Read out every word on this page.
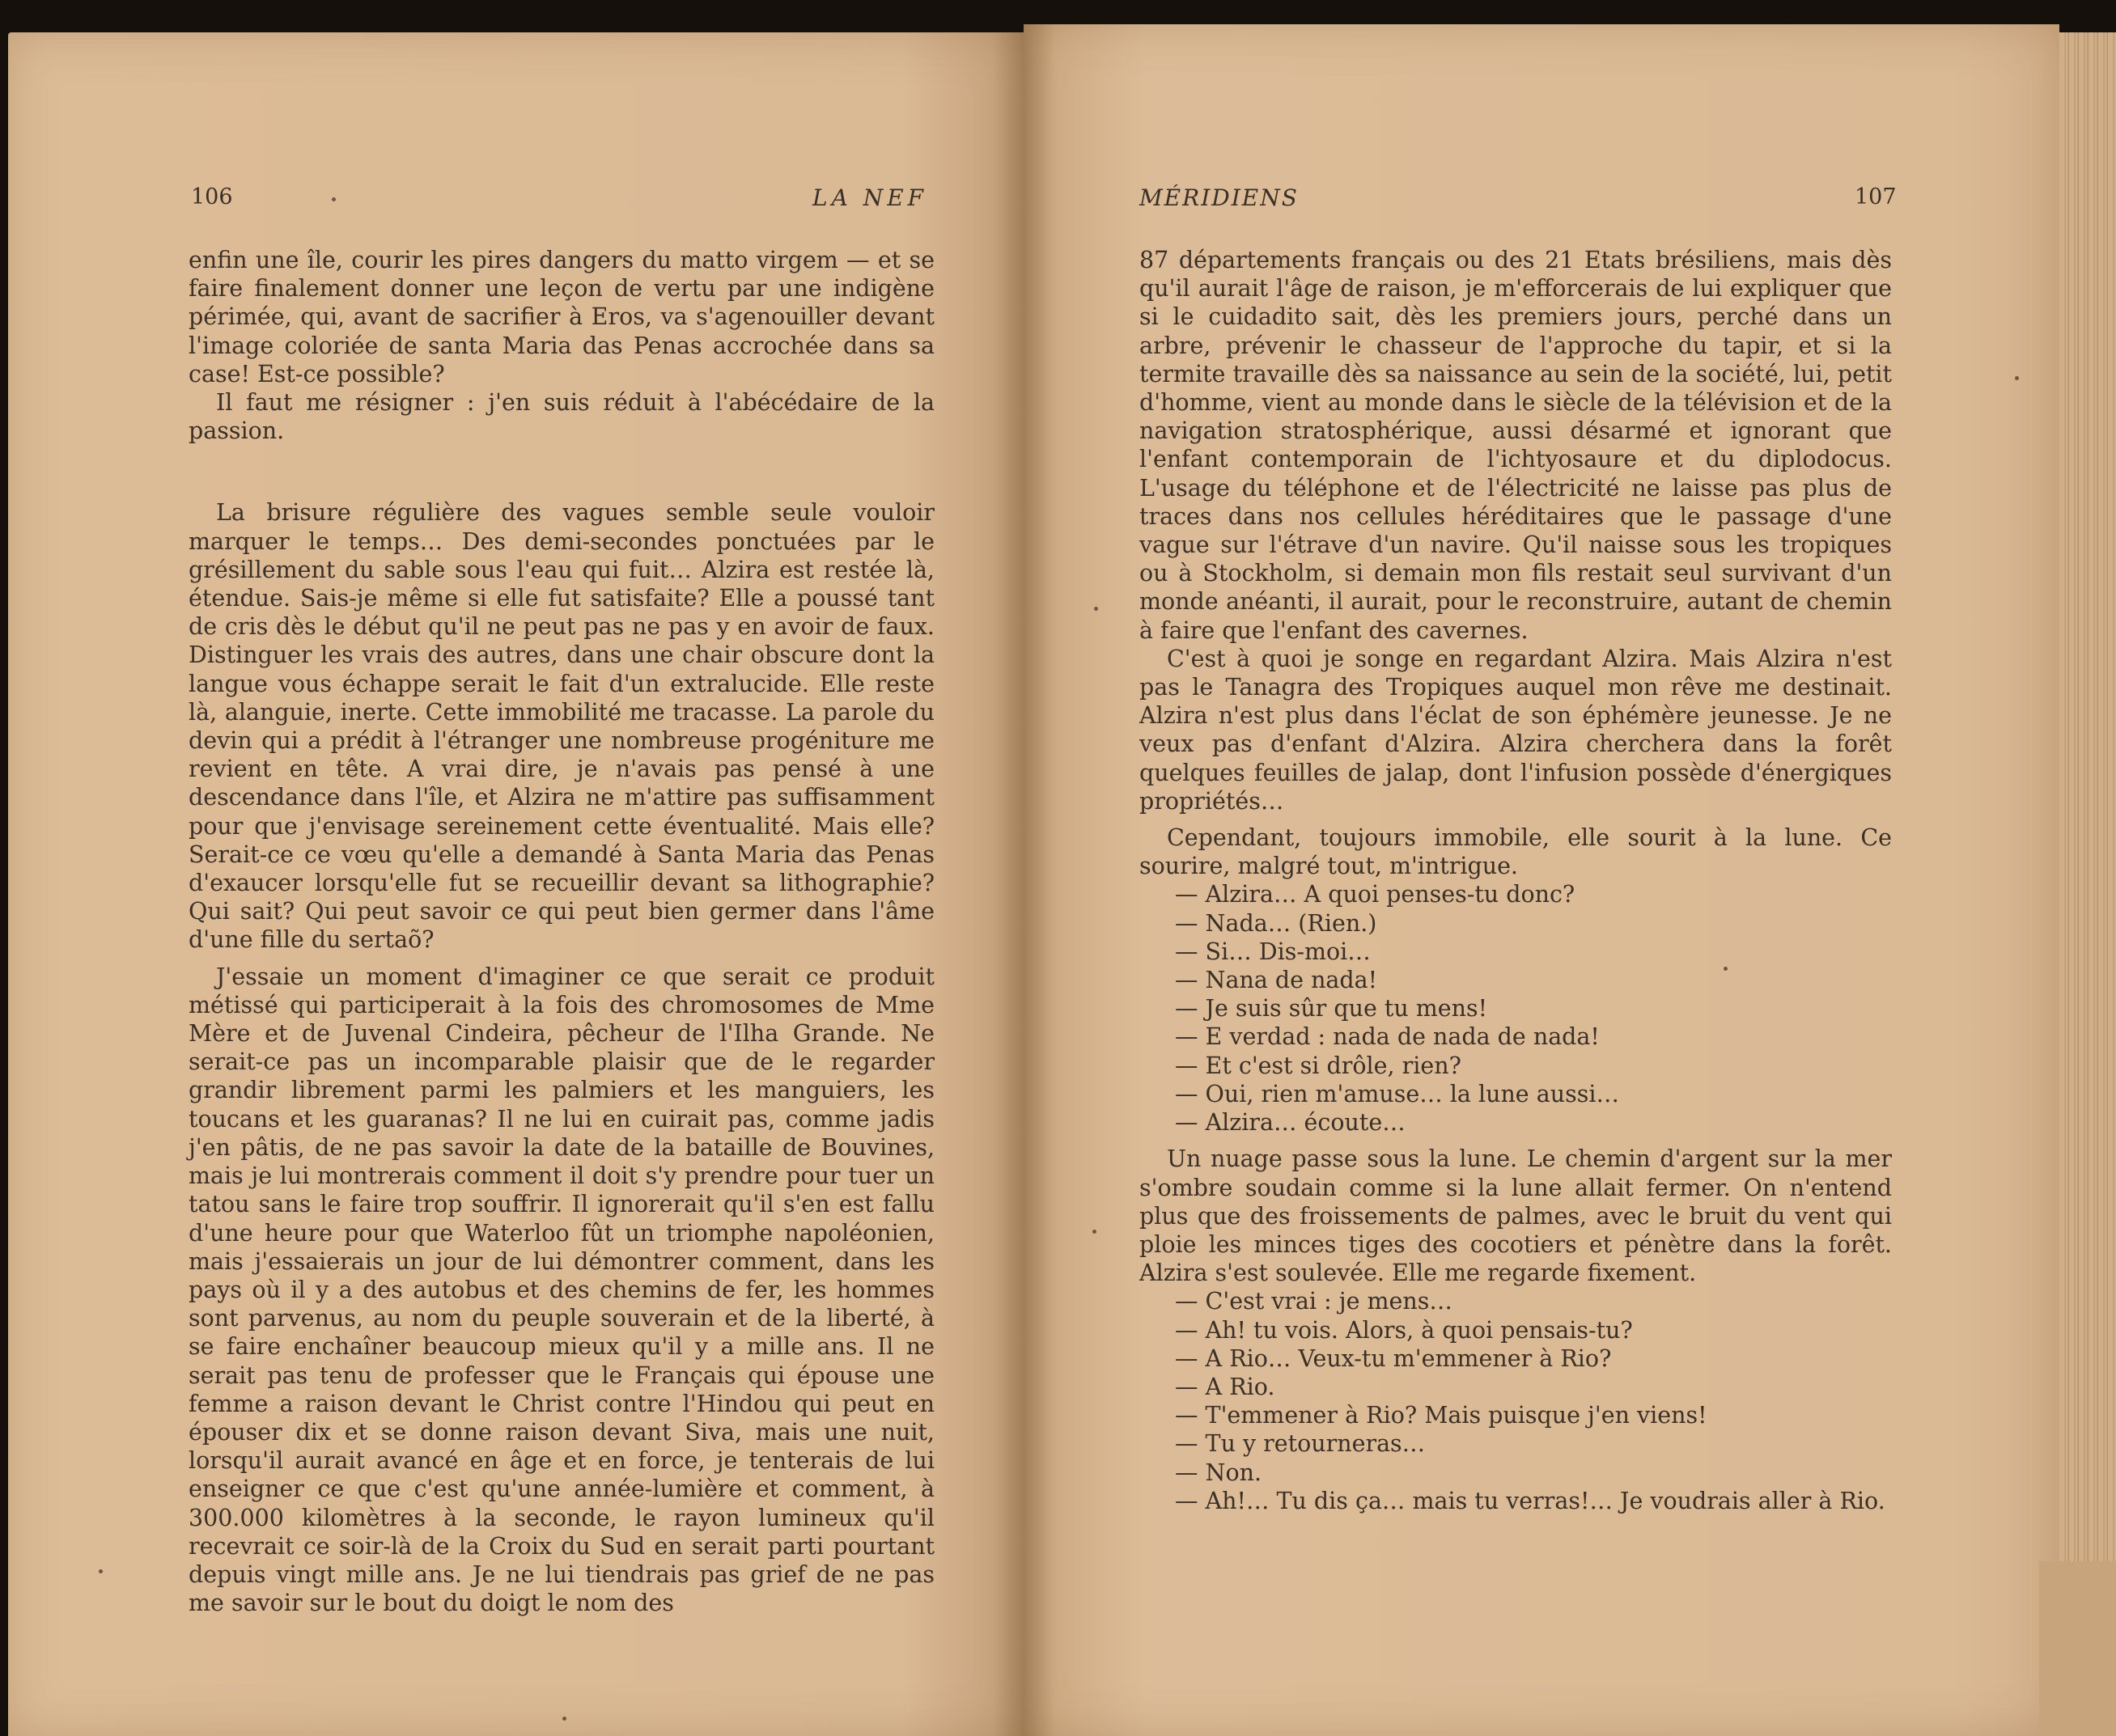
106	LA NEF	MÉRIDIENS	107

enfin une île, courir les pires dangers du matto virgem — et se faire finalement donner une leçon de vertu par une indigène périmée, qui, avant de sacrifier à Eros, va s'agenouiller devant l'image coloriée de santa Maria das Penas accrochée dans sa case! Est-ce possible?

Il faut me résigner : j'en suis réduit à l'abécédaire de la passion.

La brisure régulière des vagues semble seule vouloir marquer le temps… Des demi-secondes ponctuées par le grésillement du sable sous l'eau qui fuit… Alzira est restée là, étendue. Sais-je même si elle fut satisfaite? Elle a poussé tant de cris dès le début qu'il ne peut pas ne pas y en avoir de faux. Distinguer les vrais des autres, dans une chair obscure dont la langue vous échappe serait le fait d'un extralucide. Elle reste là, alanguie, inerte. Cette immobilité me tracasse. La parole du devin qui a prédit à l'étranger une nombreuse progéniture me revient en tête. A vrai dire, je n'avais pas pensé à une descendance dans l'île, et Alzira ne m'attire pas suffisamment pour que j'envisage sereinement cette éventualité. Mais elle? Serait-ce ce vœu qu'elle a demandé à Santa Maria das Penas d'exaucer lorsqu'elle fut se recueillir devant sa lithographie? Qui sait? Qui peut savoir ce qui peut bien germer dans l'âme d'une fille du sertaõ?

J'essaie un moment d'imaginer ce que serait ce produit métissé qui participerait à la fois des chromosomes de Mme Mère et de Juvenal Cindeira, pêcheur de l'Ilha Grande. Ne serait-ce pas un incomparable plaisir que de le regarder grandir librement parmi les palmiers et les manguiers, les toucans et les guaranas? Il ne lui en cuirait pas, comme jadis j'en pâtis, de ne pas savoir la date de la bataille de Bouvines, mais je lui montrerais comment il doit s'y prendre pour tuer un tatou sans le faire trop souffrir. Il ignorerait qu'il s'en est fallu d'une heure pour que Waterloo fût un triomphe napoléonien, mais j'essaierais un jour de lui démontrer comment, dans les pays où il y a des autobus et des chemins de fer, les hommes sont parvenus, au nom du peuple souverain et de la liberté, à se faire enchaîner beaucoup mieux qu'il y a mille ans. Il ne serait pas tenu de professer que le Français qui épouse une femme a raison devant le Christ contre l'Hindou qui peut en épouser dix et se donne raison devant Siva, mais une nuit, lorsqu'il aurait avancé en âge et en force, je tenterais de lui enseigner ce que c'est qu'une année-lumière et comment, à 300.000 kilomètres à la seconde, le rayon lumineux qu'il recevrait ce soir-là de la Croix du Sud en serait parti pourtant depuis vingt mille ans. Je ne lui tiendrais pas grief de ne pas me savoir sur le bout du doigt le nom des

87 départements français ou des 21 Etats brésiliens, mais dès qu'il aurait l'âge de raison, je m'efforcerais de lui expliquer que si le cuidadito sait, dès les premiers jours, perché dans un arbre, prévenir le chasseur de l'approche du tapir, et si la termite travaille dès sa naissance au sein de la société, lui, petit d'homme, vient au monde dans le siècle de la télévision et de la navigation stratosphérique, aussi désarmé et ignorant que l'enfant contemporain de l'ichtyosaure et du diplodocus. L'usage du téléphone et de l'électricité ne laisse pas plus de traces dans nos cellules héréditaires que le passage d'une vague sur l'étrave d'un navire. Qu'il naisse sous les tropiques ou à Stockholm, si demain mon fils restait seul survivant d'un monde anéanti, il aurait, pour le reconstruire, autant de chemin à faire que l'enfant des cavernes.

C'est à quoi je songe en regardant Alzira. Mais Alzira n'est pas le Tanagra des Tropiques auquel mon rêve me destinait. Alzira n'est plus dans l'éclat de son éphémère jeunesse. Je ne veux pas d'enfant d'Alzira. Alzira cherchera dans la forêt quelques feuilles de jalap, dont l'infusion possède d'énergiques propriétés…

Cependant, toujours immobile, elle sourit à la lune. Ce sourire, malgré tout, m'intrigue.

— Alzira… A quoi penses-tu donc?

— Nada… (Rien.)

— Si… Dis-moi…

— Nana de nada!

— Je suis sûr que tu mens!

— E verdad : nada de nada de nada!

— Et c'est si drôle, rien?

— Oui, rien m'amuse… la lune aussi…

— Alzira… écoute…

Un nuage passe sous la lune. Le chemin d'argent sur la mer s'ombre soudain comme si la lune allait fermer. On n'entend plus que des froissements de palmes, avec le bruit du vent qui ploie les minces tiges des cocotiers et pénètre dans la forêt. Alzira s'est soulevée. Elle me regarde fixement.

— C'est vrai : je mens…

— Ah! tu vois. Alors, à quoi pensais-tu?

— A Rio… Veux-tu m'emmener à Rio?

— A Rio.

— T'emmener à Rio? Mais puisque j'en viens!

— Tu y retourneras…

— Non.

— Ah!… Tu dis ça… mais tu verras!… Je voudrais aller à Rio.
